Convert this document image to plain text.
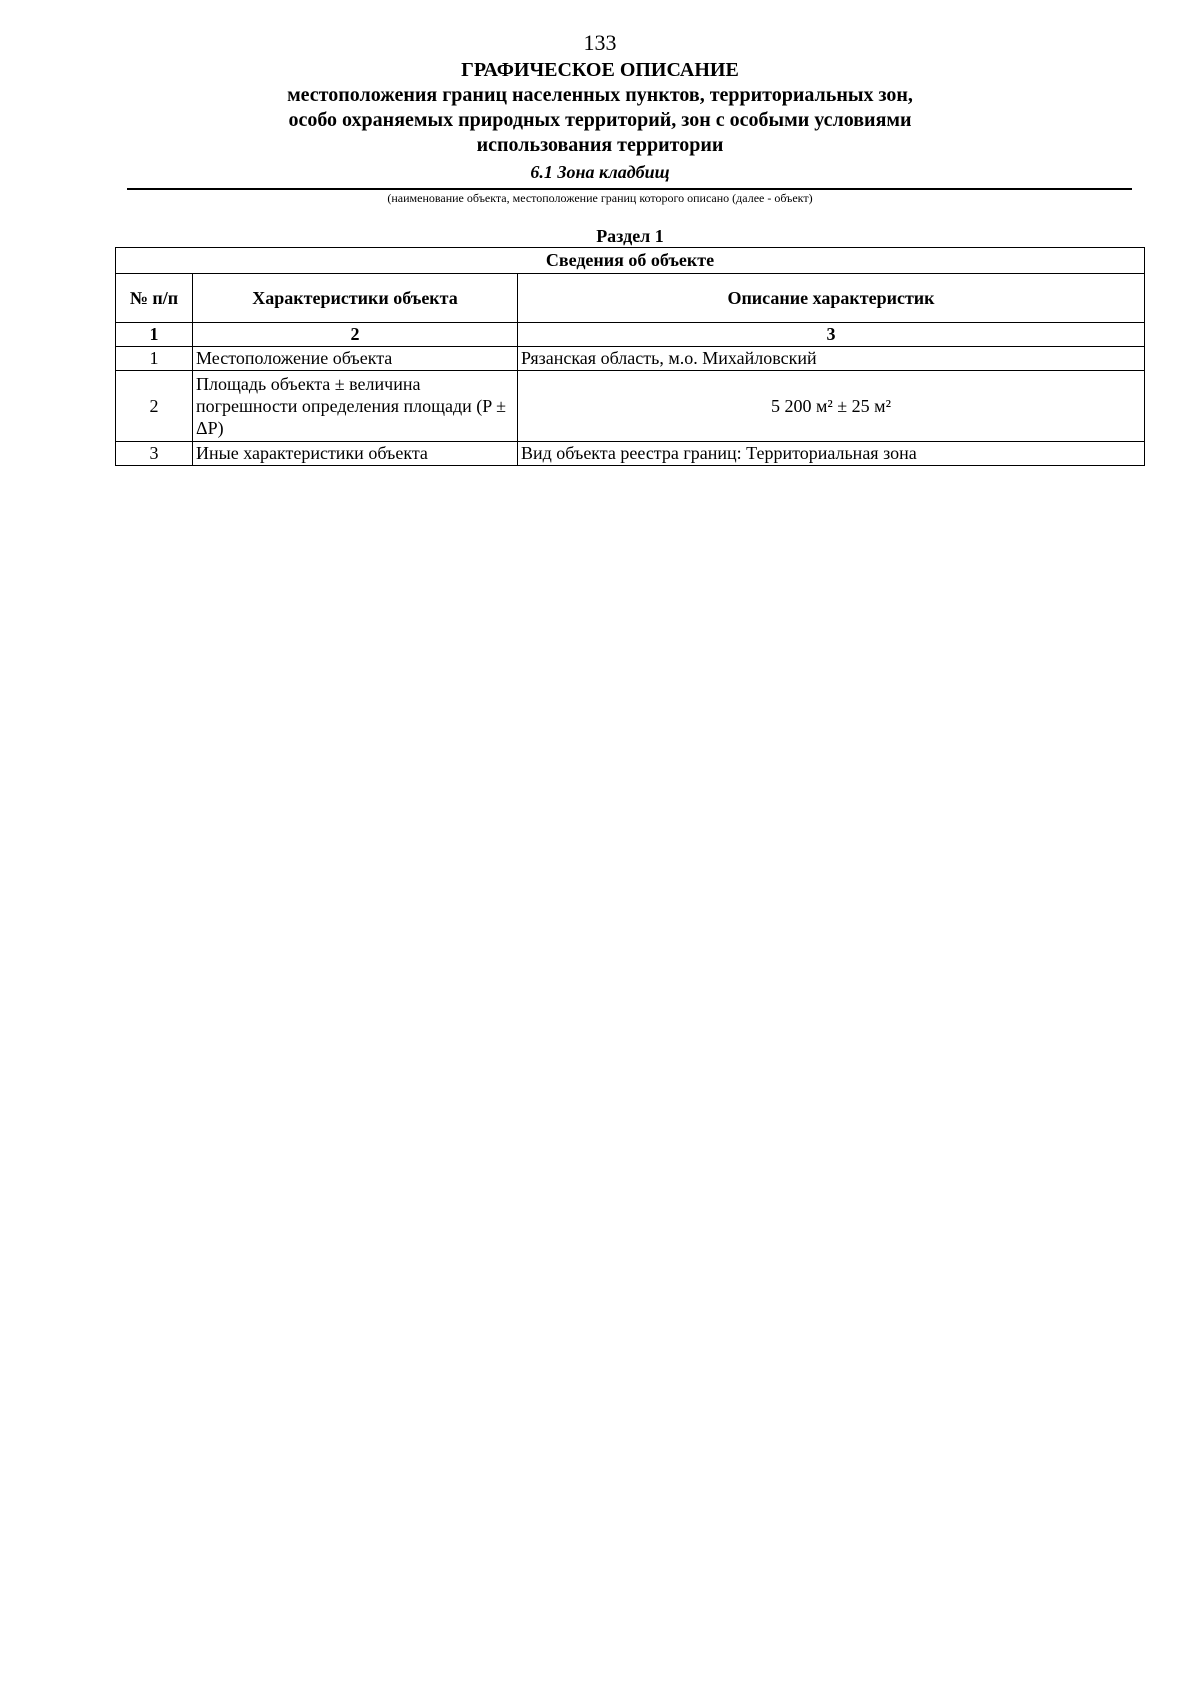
133
ГРАФИЧЕСКОЕ ОПИСАНИЕ
местоположения границ населенных пунктов, территориальных зон, особо охраняемых природных территорий, зон с особыми условиями использования территории
6.1 Зона кладбищ
(наименование объекта, местоположение границ которого описано (далее - объект)
Раздел 1
Сведения об объекте		
№ п/п	Характеристики объекта	Описание характеристик
1	2	3
1	Местоположение объекта	Рязанская область, м.о. Михайловский
2	Площадь объекта ± величина погрешности определения площади (P ± ΔP)	5 200 м² ± 25 м²
3	Иные характеристики объекта	Вид объекта реестра границ: Территориальная зона
